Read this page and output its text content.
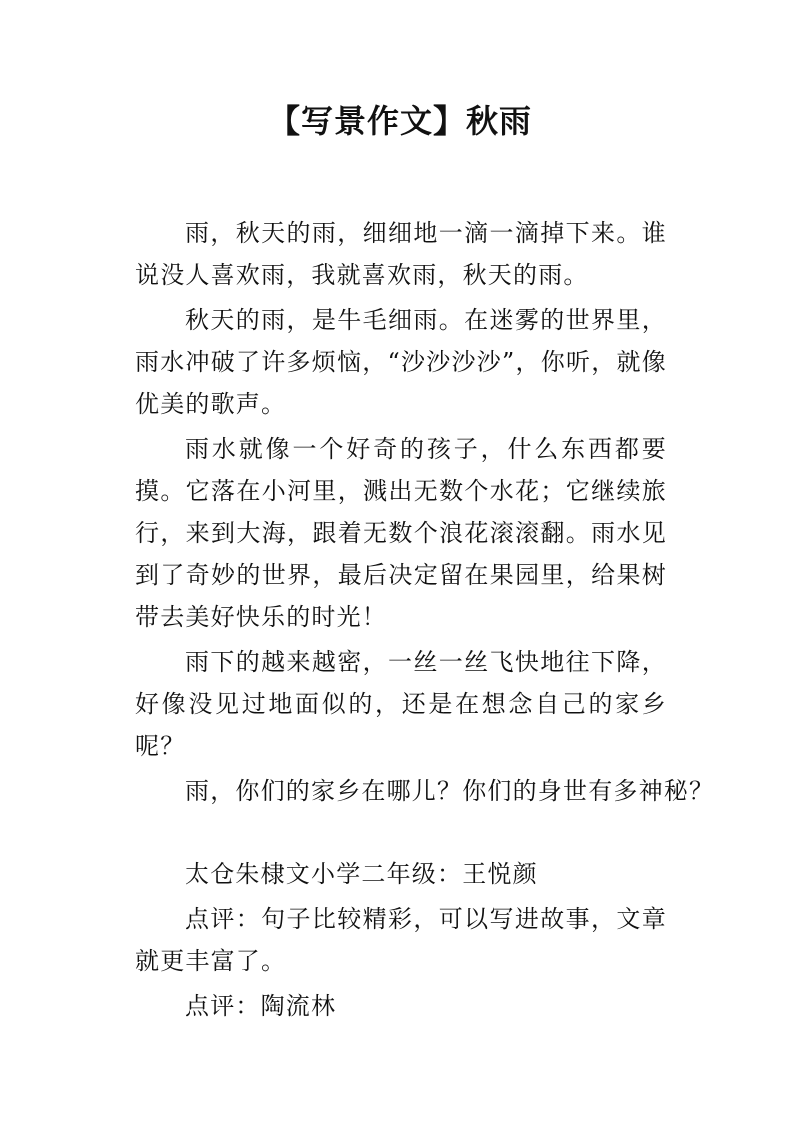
【写景作文】秋雨

雨，秋天的雨，细细地一滴一滴掉下来。谁说没人喜欢雨，我就喜欢雨，秋天的雨。

秋天的雨，是牛毛细雨。在迷雾的世界里，雨水冲破了许多烦恼，“沙沙沙沙”，你听，就像优美的歌声。

雨水就像一个好奇的孩子，什么东西都要摸。它落在小河里，溅出无数个水花；它继续旅行，来到大海，跟着无数个浪花滚滚翻。雨水见到了奇妙的世界，最后决定留在果园里，给果树带去美好快乐的时光！

雨下的越来越密，一丝一丝飞快地往下降，好像没见过地面似的，还是在想念自己的家乡呢？

雨，你们的家乡在哪儿？你们的身世有多神秘？

太仓朱棣文小学二年级：王悦颜

点评：句子比较精彩，可以写进故事，文章就更丰富了。

点评：陶流林
